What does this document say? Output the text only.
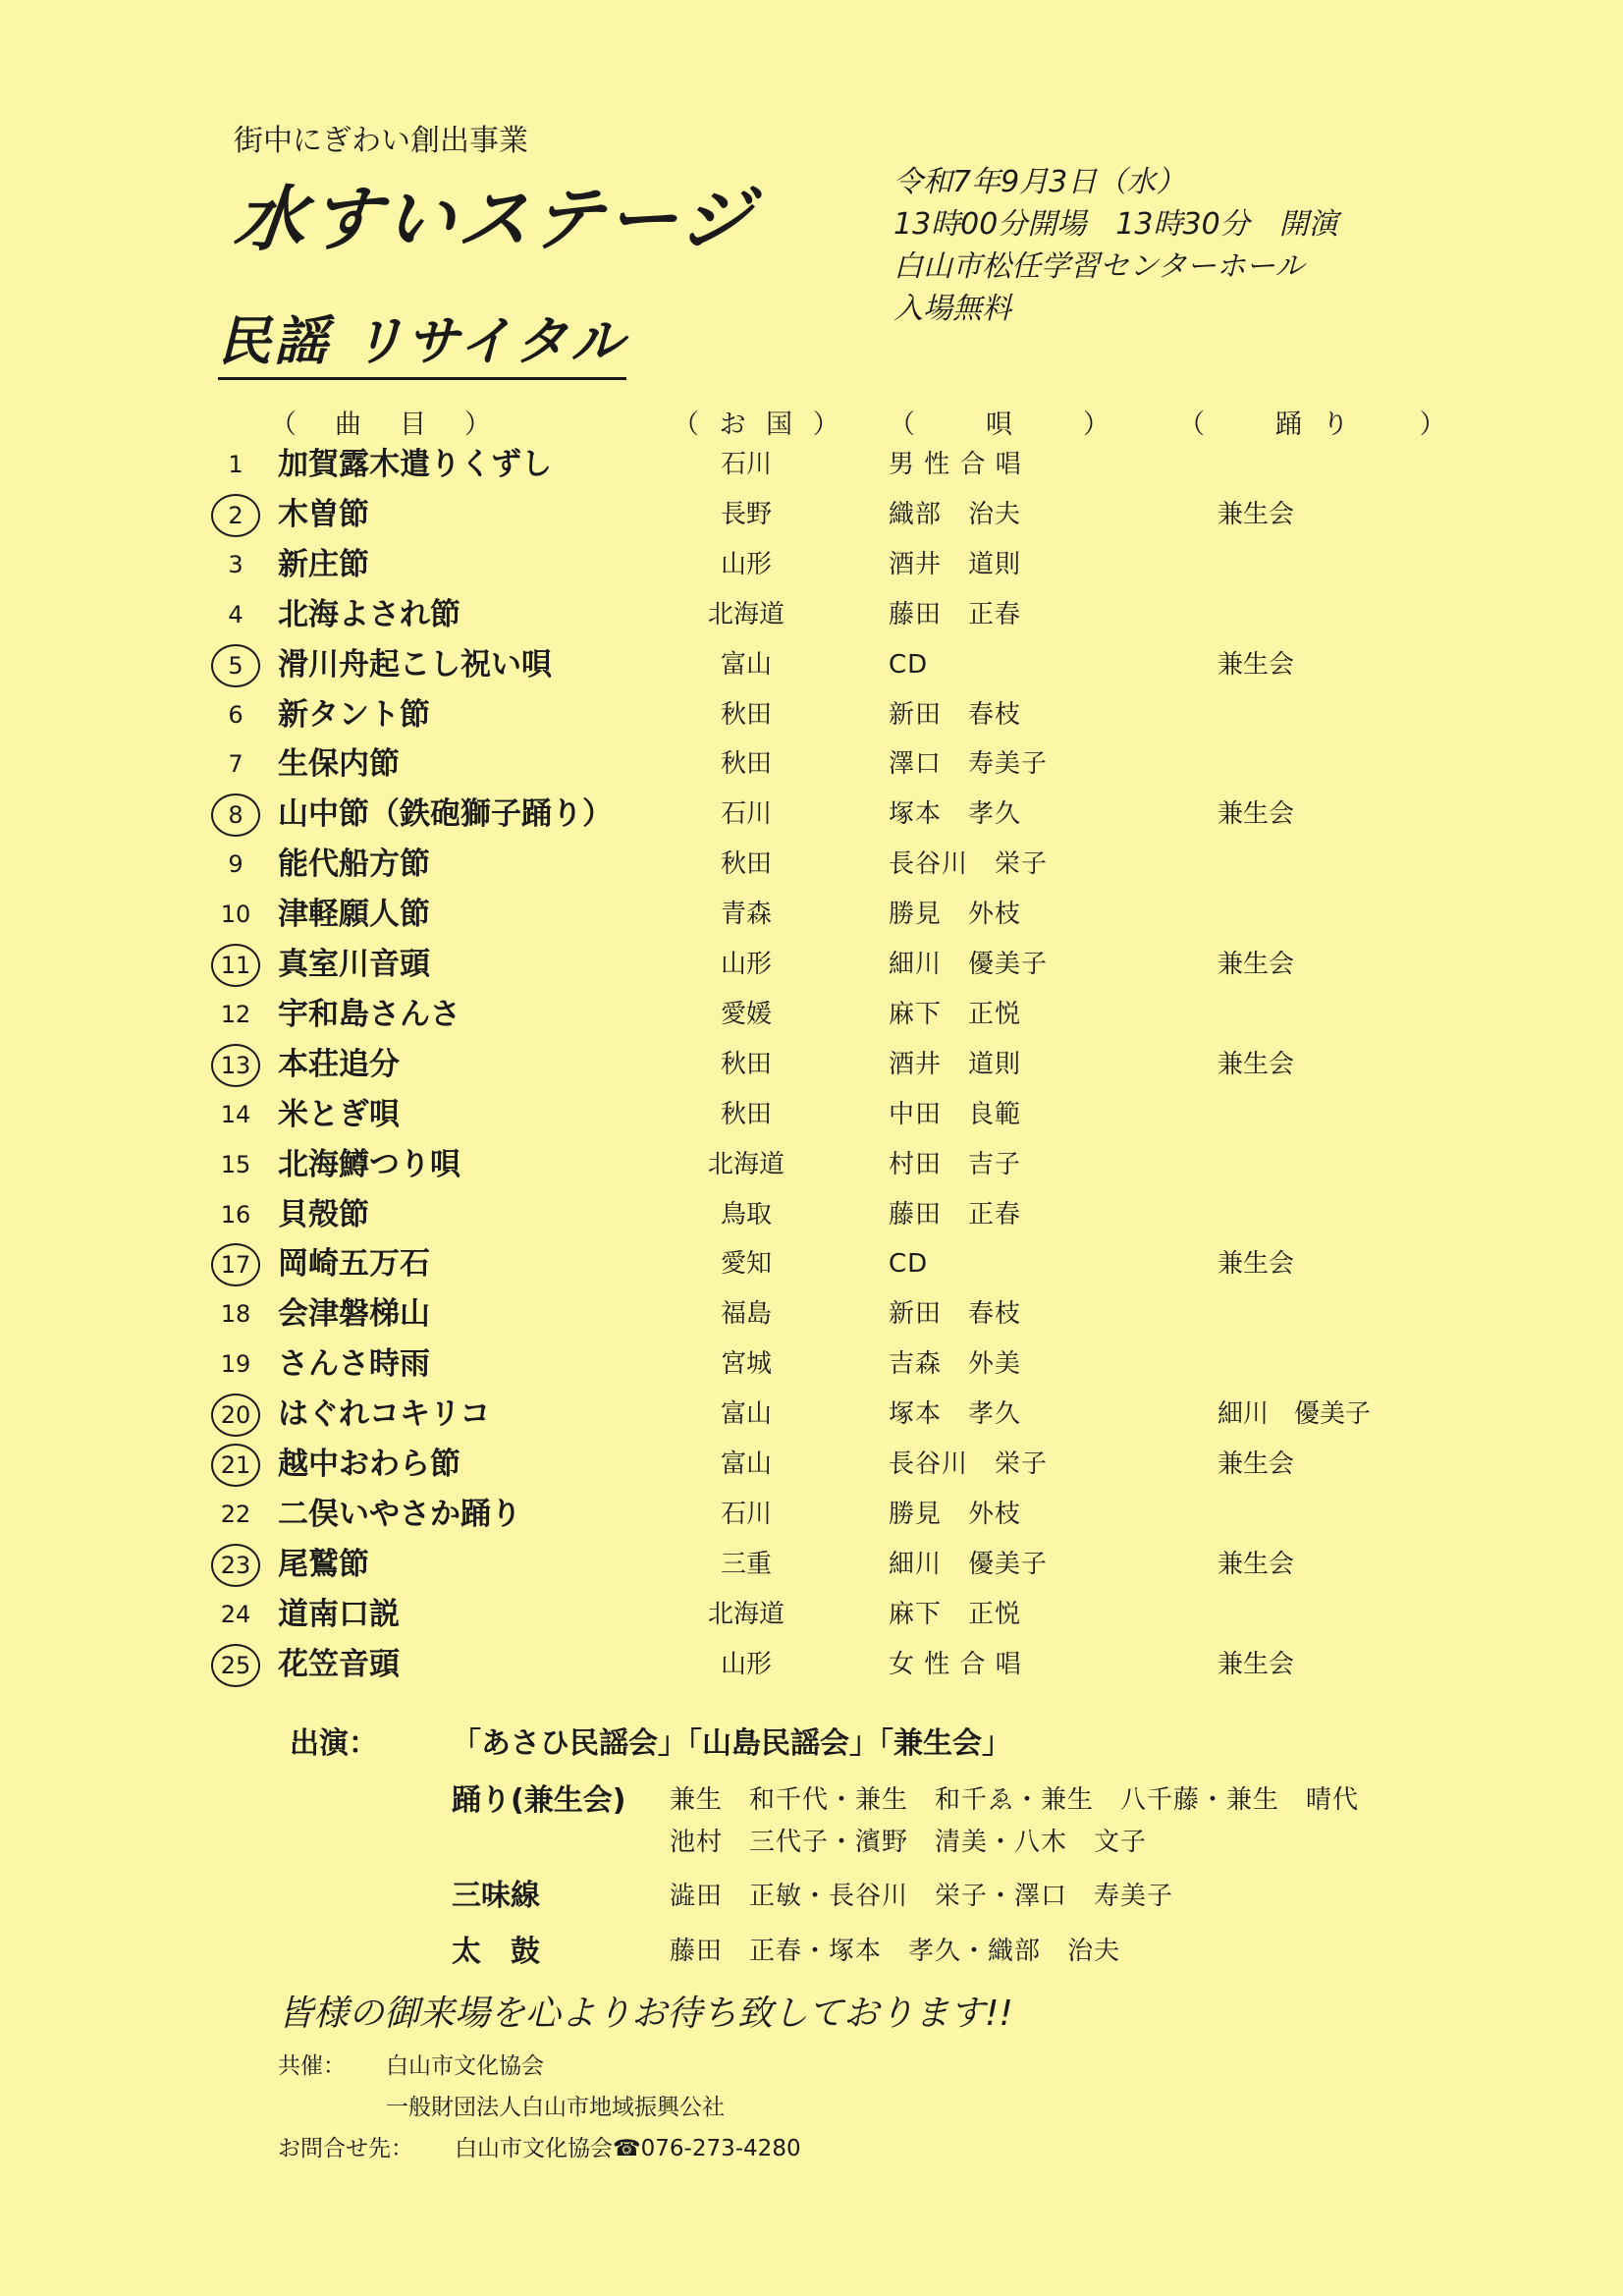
街中にぎわい創出事業
水すいステージ
民謡 リサイタル
令和7年9月3日（水）
13時00分開場　13時30分　開演
白山市松任学習センターホール
入場無料
（　曲　目　）	（ お 国 ） （　　唄　　） （　　踊 り　　）
1	加賀露木遣りくずし	石川	男 性 合 唱
2	木曽節	長野	織部　治夫	兼生会
3	新庄節	山形	酒井　道則
4	北海よされ節	北海道	藤田　正春
5	滑川舟起こし祝い唄	富山	CD	兼生会
6	新タント節	秋田	新田　春枝
7	生保内節	秋田	澤口　寿美子
8	山中節（鉄砲獅子踊り）	石川	塚本　孝久	兼生会
9	能代船方節	秋田	長谷川　栄子
10 津軽願人節	青森	勝見　外枝
11 真室川音頭	山形	細川　優美子	兼生会
12 宇和島さんさ	愛媛	麻下　正悦
13 本荘追分	秋田	酒井　道則	兼生会
14 米とぎ唄	秋田	中田　良範
15 北海鱒つり唄	北海道	村田　吉子
16 貝殻節	鳥取	藤田　正春
17 岡崎五万石	愛知	CD	兼生会
18 会津磐梯山	福島	新田　春枝
19 さんさ時雨	宮城	吉森　外美
20 はぐれコキリコ	富山	塚本　孝久	細川　優美子
21 越中おわら節	富山	長谷川　栄子	兼生会
22 二俣いやさか踊り	石川	勝見　外枝
23 尾鷲節	三重	細川　優美子	兼生会
24 道南口説	北海道	麻下　正悦
25 花笠音頭	山形	女 性 合 唱	兼生会
出演：	「あさひ民謡会」「山島民謡会」「兼生会」
踊り(兼生会) 兼生　和千代・兼生　和千ゑ・兼生　八千藤・兼生　晴代
池村　三代子・濱野　清美・八木　文子
三味線	澁田　正敏・長谷川　栄子・澤口　寿美子
太　鼓	藤田　正春・塚本　孝久・織部　治夫
皆様の御来場を心よりお待ち致しております!!
共催： 白山市文化協会
一般財団法人白山市地域振興公社
お問合せ先： 白山市文化協会☎076-273-4280
